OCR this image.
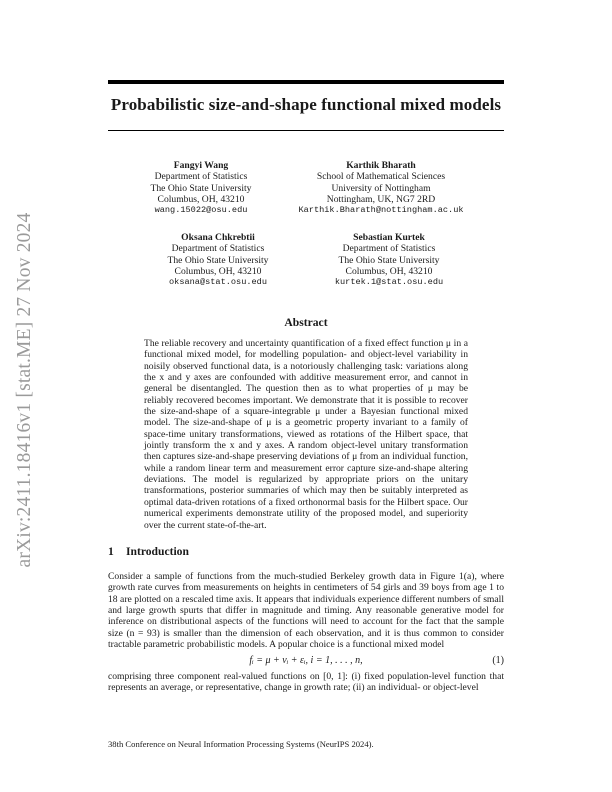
arXiv:2411.18416v1 [stat.ME] 27 Nov 2024
Probabilistic size-and-shape functional mixed models
Fangyi Wang
Department of Statistics
The Ohio State University
Columbus, OH, 43210
wang.15022@osu.edu
Karthik Bharath
School of Mathematical Sciences
University of Nottingham
Nottingham, UK, NG7 2RD
Karthik.Bharath@nottingham.ac.uk
Oksana Chkrebtii
Department of Statistics
The Ohio State University
Columbus, OH, 43210
oksana@stat.osu.edu
Sebastian Kurtek
Department of Statistics
The Ohio State University
Columbus, OH, 43210
kurtek.1@stat.osu.edu
Abstract
The reliable recovery and uncertainty quantification of a fixed effect function μ in a functional mixed model, for modelling population- and object-level variability in noisily observed functional data, is a notoriously challenging task: variations along the x and y axes are confounded with additive measurement error, and cannot in general be disentangled. The question then as to what properties of μ may be reliably recovered becomes important. We demonstrate that it is possible to recover the size-and-shape of a square-integrable μ under a Bayesian functional mixed model. The size-and-shape of μ is a geometric property invariant to a family of space-time unitary transformations, viewed as rotations of the Hilbert space, that jointly transform the x and y axes. A random object-level unitary transformation then captures size-and-shape preserving deviations of μ from an individual function, while a random linear term and measurement error capture size-and-shape altering deviations. The model is regularized by appropriate priors on the unitary transformations, posterior summaries of which may then be suitably interpreted as optimal data-driven rotations of a fixed orthonormal basis for the Hilbert space. Our numerical experiments demonstrate utility of the proposed model, and superiority over the current state-of-the-art.
1 Introduction
Consider a sample of functions from the much-studied Berkeley growth data in Figure 1(a), where growth rate curves from measurements on heights in centimeters of 54 girls and 39 boys from age 1 to 18 are plotted on a rescaled time axis. It appears that individuals experience different numbers of small and large growth spurts that differ in magnitude and timing. Any reasonable generative model for inference on distributional aspects of the functions will need to account for the fact that the sample size (n = 93) is smaller than the dimension of each observation, and it is thus common to consider tractable parametric probabilistic models. A popular choice is a functional mixed model
fᵢ = μ + vᵢ + εᵢ, i = 1, . . . , n,	(1)
comprising three component real-valued functions on [0, 1]: (i) fixed population-level function that represents an average, or representative, change in growth rate; (ii) an individual- or object-level
38th Conference on Neural Information Processing Systems (NeurIPS 2024).
